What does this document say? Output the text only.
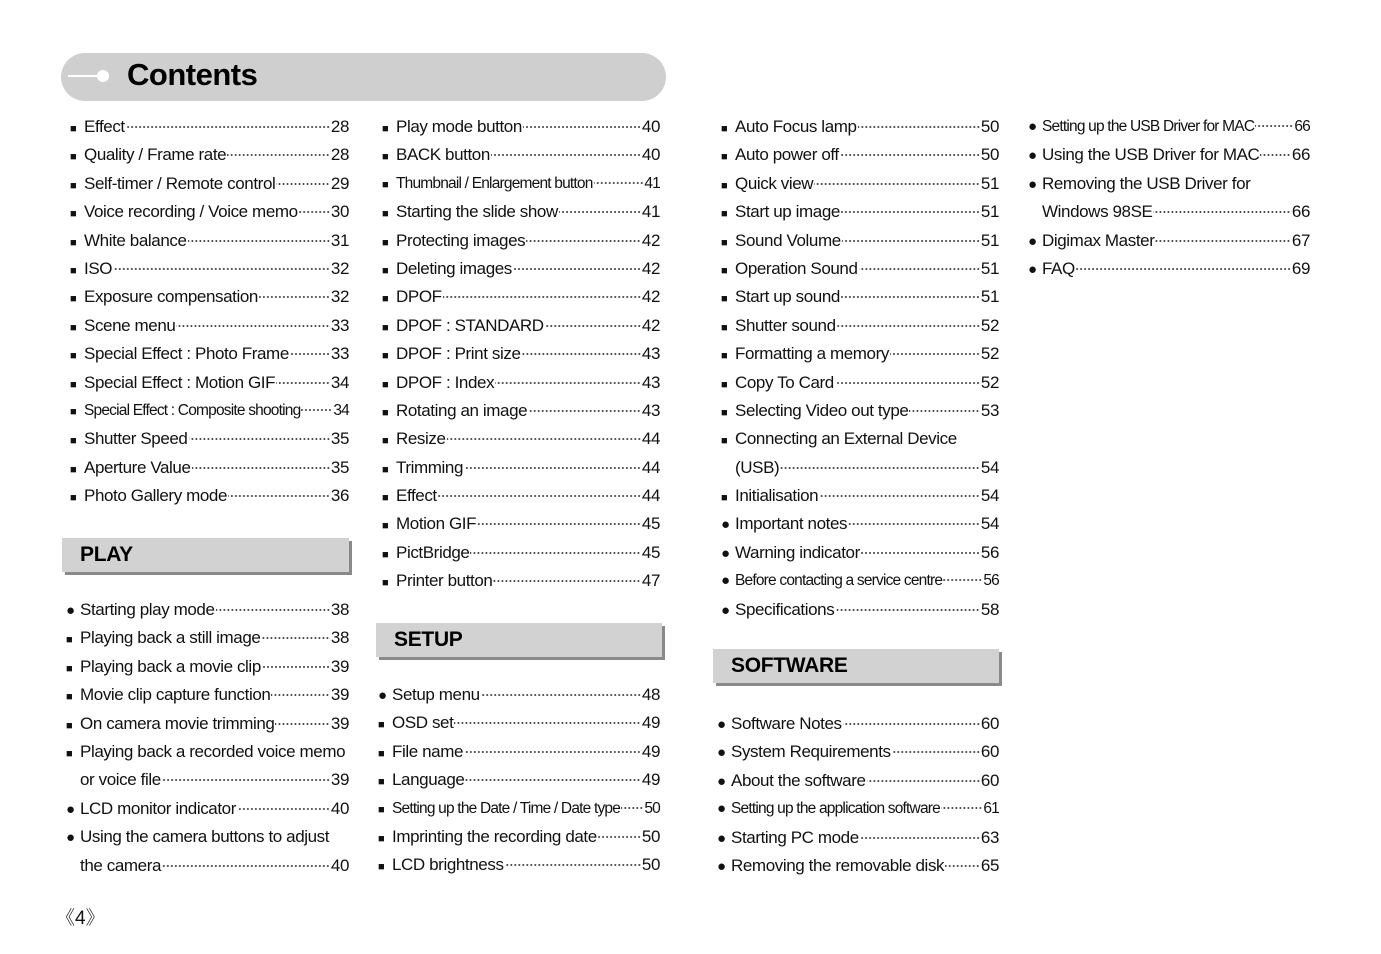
Contents
■ Effect	28
■ Quality / Frame rate	28
■ Self-timer / Remote control	29
■ Voice recording / Voice memo 30
■ White balance	31
■ ISO	32
■ Exposure compensation	32
■ Scene menu	33
■ Special Effect : Photo Frame 33
■ Special Effect : Motion GIF	34
■ Special Effect : Composite shooting 34
■ Shutter Speed	35
■ Aperture Value	35
■ Photo Gallery mode	36
PLAY
● Starting play mode	38
■ Playing back a still image	38
■ Playing back a movie clip	39
■ Movie clip capture function	39
■ On camera movie trimming	39
■ Playing back a recorded voice memo
or voice file	39
● LCD monitor indicator	40
● Using the camera buttons to adjust
the camera	40
■ Play mode button	40
■ BACK button	40
■ Thumbnail / Enlargement button	41
■ Starting the slide show	41
■ Protecting images	42
■ Deleting images	42
■ DPOF	42
■ DPOF : STANDARD	42
■ DPOF : Print size	43
■ DPOF : Index	43
■ Rotating an image	43
■ Resize	44
■ Trimming	44
■ Effect	44
■ Motion GIF	45
■ PictBridge	45
■ Printer button	47
SETUP
● Setup menu	48
■ OSD set	49
■ File name	49
■ Language	49
■ Setting up the Date / Time / Date type 50
■ Imprinting the recording date	50
■ LCD brightness	50
■ Auto Focus lamp	50
■ Auto power off	50
■ Quick view	51
■ Start up image	51
■ Sound Volume	51
■ Operation Sound	51
■ Start up sound	51
■ Shutter sound	52
■ Formatting a memory	52
■ Copy To Card	52
■ Selecting Video out type	53
■ Connecting an External Device
(USB)	54
■ Initialisation	54
● Important notes	54
● Warning indicator	56
● Before contacting a service centre	56
● Specifications	58
SOFTWARE
● Software Notes	60
● System Requirements	60
● About the software	60
● Setting up the application software	61
● Starting PC mode	63
● Removing the removable disk 65
● Setting up the USB Driver for MAC	66
● Using the USB Driver for MAC 66
● Removing the USB Driver for
Windows 98SE	66
● Digimax Master	67
● FAQ	69
《4》
